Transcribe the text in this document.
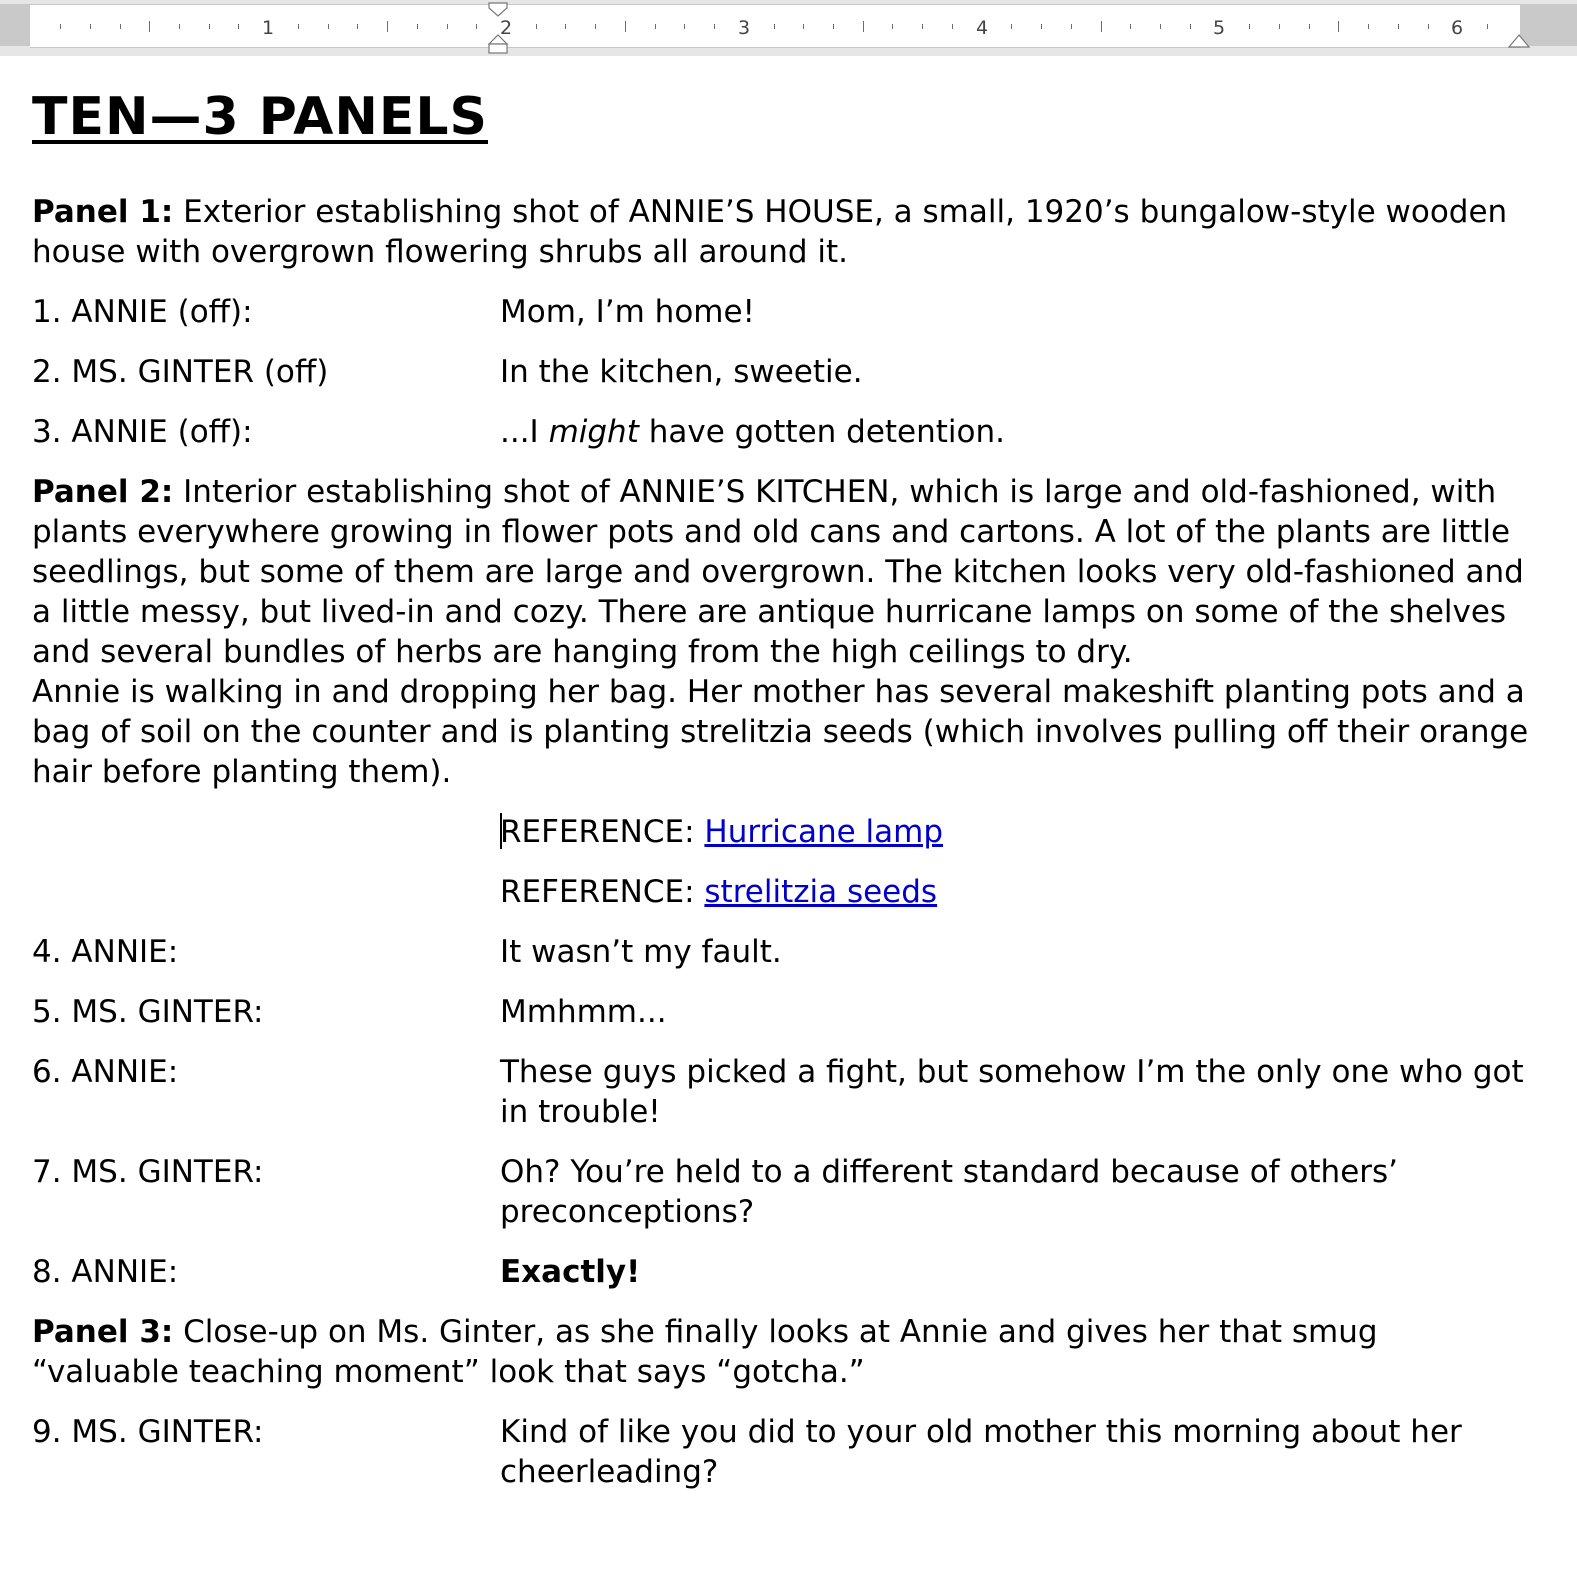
1	2	3	4	5	6
TEN—3 PANELS
Panel 1: Exterior establishing shot of ANNIE’S HOUSE, a small, 1920’s bungalow-style wooden house with overgrown flowering shrubs all around it.
1. ANNIE (off):	Mom, I’m home!
2. MS. GINTER (off)	In the kitchen, sweetie.
3. ANNIE (off):	...I might have gotten detention.
Panel 2: Interior establishing shot of ANNIE’S KITCHEN, which is large and old-fashioned, with plants everywhere growing in flower pots and old cans and cartons. A lot of the plants are little seedlings, but some of them are large and overgrown. The kitchen looks very old-fashioned and a little messy, but lived-in and cozy. There are antique hurricane lamps on some of the shelves and several bundles of herbs are hanging from the high ceilings to dry.
Annie is walking in and dropping her bag. Her mother has several makeshift planting pots and a bag of soil on the counter and is planting strelitzia seeds (which involves pulling off their orange hair before planting them).
REFERENCE: Hurricane lamp
REFERENCE: strelitzia seeds
4. ANNIE:	It wasn’t my fault.
5. MS. GINTER:	Mmhmm...
6. ANNIE:	These guys picked a fight, but somehow I’m the only one who got in trouble!
7. MS. GINTER:	Oh? You’re held to a different standard because of others’ preconceptions?
8. ANNIE:	Exactly!
Panel 3: Close-up on Ms. Ginter, as she finally looks at Annie and gives her that smug “valuable teaching moment” look that says “gotcha.”
9. MS. GINTER:	Kind of like you did to your old mother this morning about her cheerleading?
